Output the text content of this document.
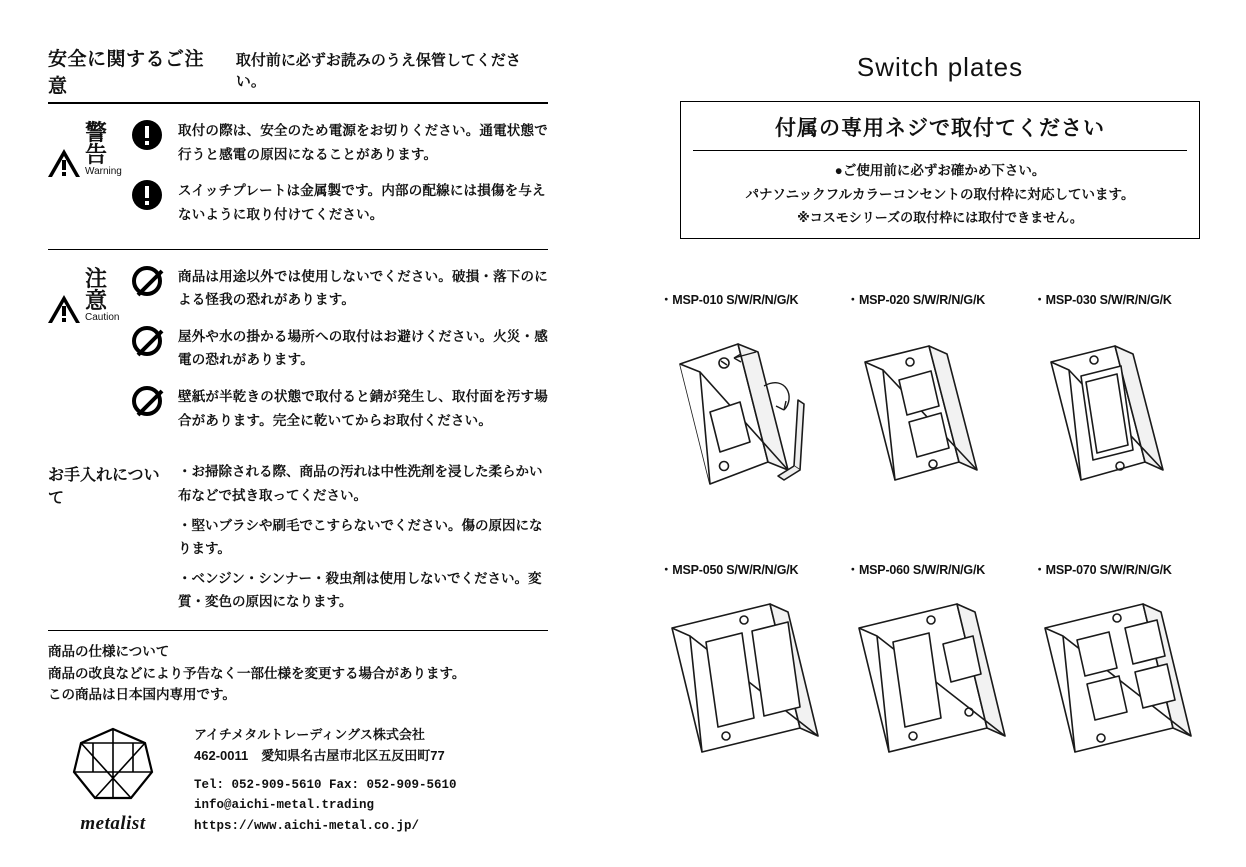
安全に関するご注意
取付前に必ずお読みのうえ保管してください。
警告
Warning
取付の際は、安全のため電源をお切りください。通電状態で行うと感電の原因になることがあります。
スイッチプレートは金属製です。内部の配線には損傷を与えないように取り付けてください。
注意
Caution
商品は用途以外では使用しないでください。破損・落下のによる怪我の恐れがあります。
屋外や水の掛かる場所への取付はお避けください。火災・感電の恐れがあります。
壁紙が半乾きの状態で取付ると錆が発生し、取付面を汚す場合があります。完全に乾いてからお取付ください。
お手入れについて
・お掃除される際、商品の汚れは中性洗剤を浸した柔らかい布などで拭き取ってください。
・堅いブラシや刷毛でこすらないでください。傷の原因になります。
・ベンジン・シンナー・殺虫剤は使用しないでください。変質・変色の原因になります。

商品の仕様について

商品の改良などにより予告なく一部仕様を変更する場合があります。

この商品は日本国内専用です。

metalist
アイチメタルトレーディングス株式会社
462-0011　愛知県名古屋市北区五反田町77
Tel: 052-909-5610 Fax: 052-909-5610
info@aichi-metal.trading
https://www.aichi-metal.co.jp/
Switch plates
付属の専用ネジで取付てください
●ご使用前に必ずお確かめ下さい。
パナソニックフルカラーコンセントの取付枠に対応しています。
※コスモシリーズの取付枠には取付できません。
・MSP-010 S/W/R/N/G/K	・MSP-020 S/W/R/N/G/K	・MSP-030 S/W/R/N/G/K
・MSP-050 S/W/R/N/G/K	・MSP-060 S/W/R/N/G/K	・MSP-070 S/W/R/N/G/K
